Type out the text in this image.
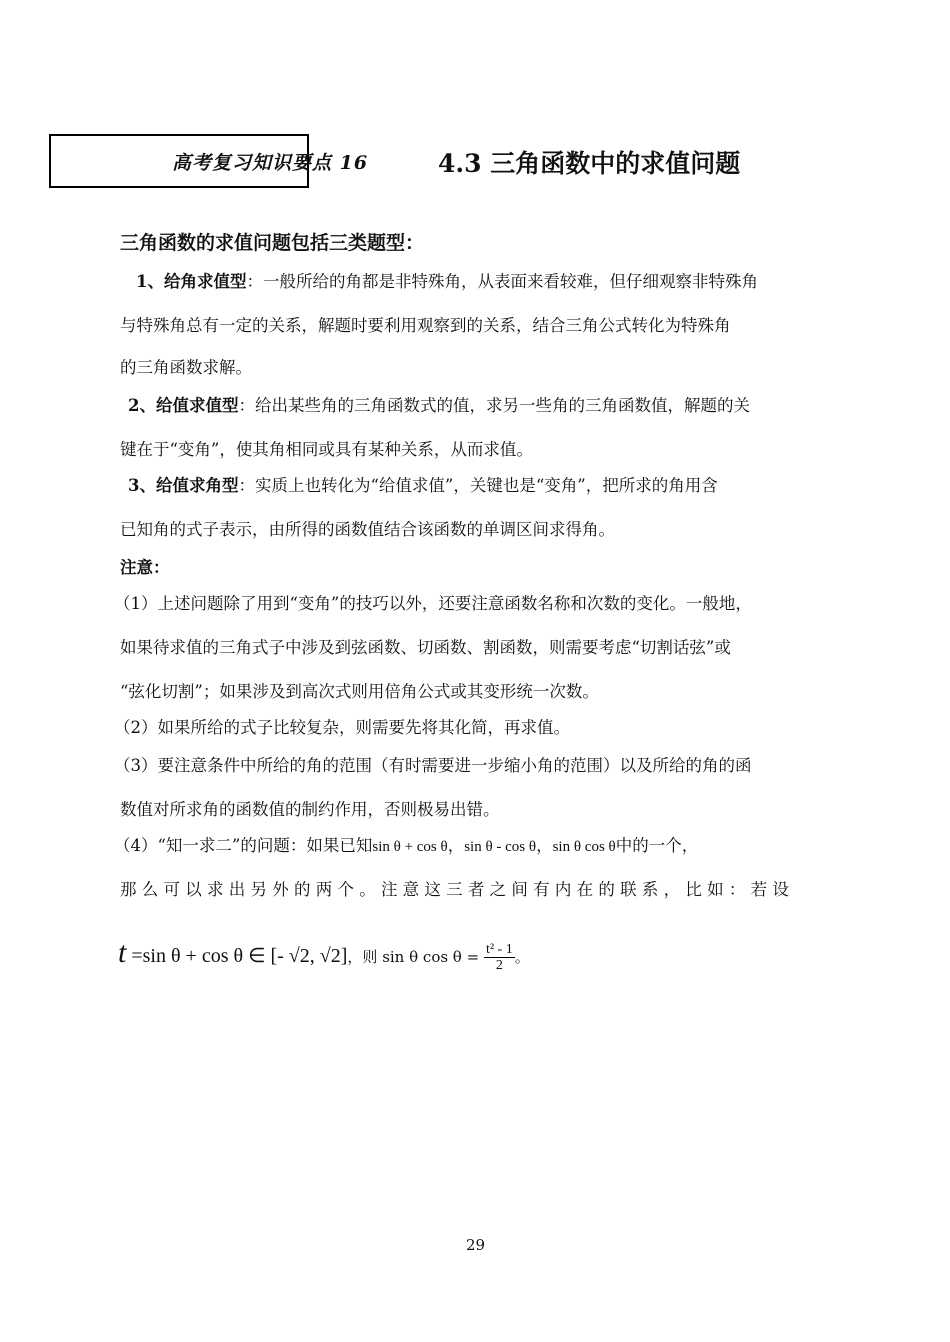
高考复习知识要点 16	4.3 三角函数中的求值问题
三角函数的求值问题包括三类题型：
1、给角求值型：一般所给的角都是非特殊角，从表面来看较难，但仔细观察非特殊角
与特殊角总有一定的关系，解题时要利用观察到的关系，结合三角公式转化为特殊角
的三角函数求解。
2、给值求值型：给出某些角的三角函数式的值，求另一些角的三角函数值，解题的关
键在于“变角”，使其角相同或具有某种关系，从而求值。
3、给值求角型：实质上也转化为“给值求值”，关键也是“变角”，把所求的角用含
已知角的式子表示，由所得的函数值结合该函数的单调区间求得角。
注意：
（1）上述问题除了用到“变角”的技巧以外，还要注意函数名称和次数的变化。一般地，
如果待求值的三角式子中涉及到弦函数、切函数、割函数，则需要考虑“切割话弦”或
“弦化切割”；如果涉及到高次式则用倍角公式或其变形统一次数。
（2）如果所给的式子比较复杂，则需要先将其化简，再求值。
（3）要注意条件中所给的角的范围（有时需要进一步缩小角的范围）以及所给的角的函
数值对所求角的函数值的制约作用，否则极易出错。
（4）“知一求二”的问题：如果已知sin θ + cos θ，sin θ - cos θ，sin θ cos θ中的一个，
那 么 可 以 求 出 另 外 的 两 个 。 注 意 这 三 者 之 间 有 内 在 的 联 系 ， 比 如 ： 若 设
t =sin θ + cos θ ∈ [- √2, √2]，则 sin θ $\cos \theta = \frac{\text{t² - 1}}{2}$ 。
29
